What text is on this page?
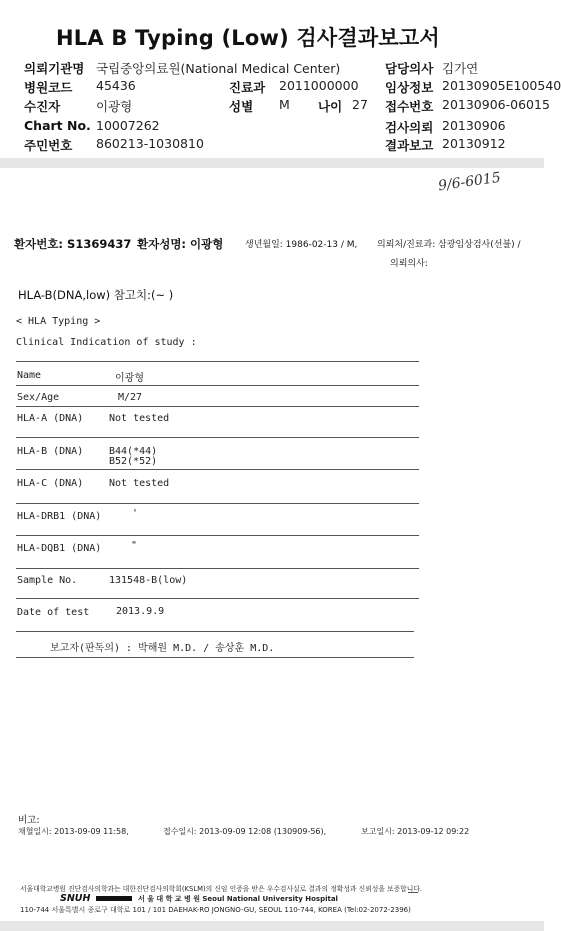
HLA B Typing (Low) 검사결과보고서
의뢰기관명 국립중앙의료원(National Medical Center)
병원코드 45436
수진자	이광형
Chart No. 10007262
주민번호 860213-1030810
진료과 2011000000
성별 M 나이 27
담당의사 김가연
임상정보 20130905E100540
접수번호 20130906-06015
검사의뢰 20130906
결과보고 20130912
9/6-6015
환자번호: S1369437 환자성명: 이광형 생년월일: 1986-02-13 / M, 의뢰처/진료과: 삼광임상검사(선불) /
의뢰의사:
HLA-B(DNA,low) 참고치:(~ )
< HLA Typing >
Clinical Indication of study :
Name	이광형
Sex/Age	M/27
HLA-A (DNA)	Not tested
HLA-B (DNA)	B44(*44)
B52(*52)
HLA-C (DNA)	Not tested
HLA-DRB1 (DNA)	'
HLA-DQB1 (DNA)	"
Sample No.	131548-B(low)
Date of test	2013.9.9
보고자(판독의) : 박해원 M.D. / 송상훈 M.D.
비고:
채혈일시: 2013-09-09 11:58,	접수일시: 2013-09-09 12:08 (130909-56),	보고일시: 2013-09-12 09:22
서울대학교병원 진단검사의학과는 대한진단검사의학회(KSLM)의 신임 인증을 받은 우수검사실로 결과의 정확성과 신뢰성을 보증합니다.
SNUH	서 울 대 학 교 병 원 Seoul National University Hospital
110-744 서울특별시 종로구 대학로 101 / 101 DAEHAK-RO JONGNO-GU, SEOUL 110-744, KOREA (Tel:02-2072-2396)
